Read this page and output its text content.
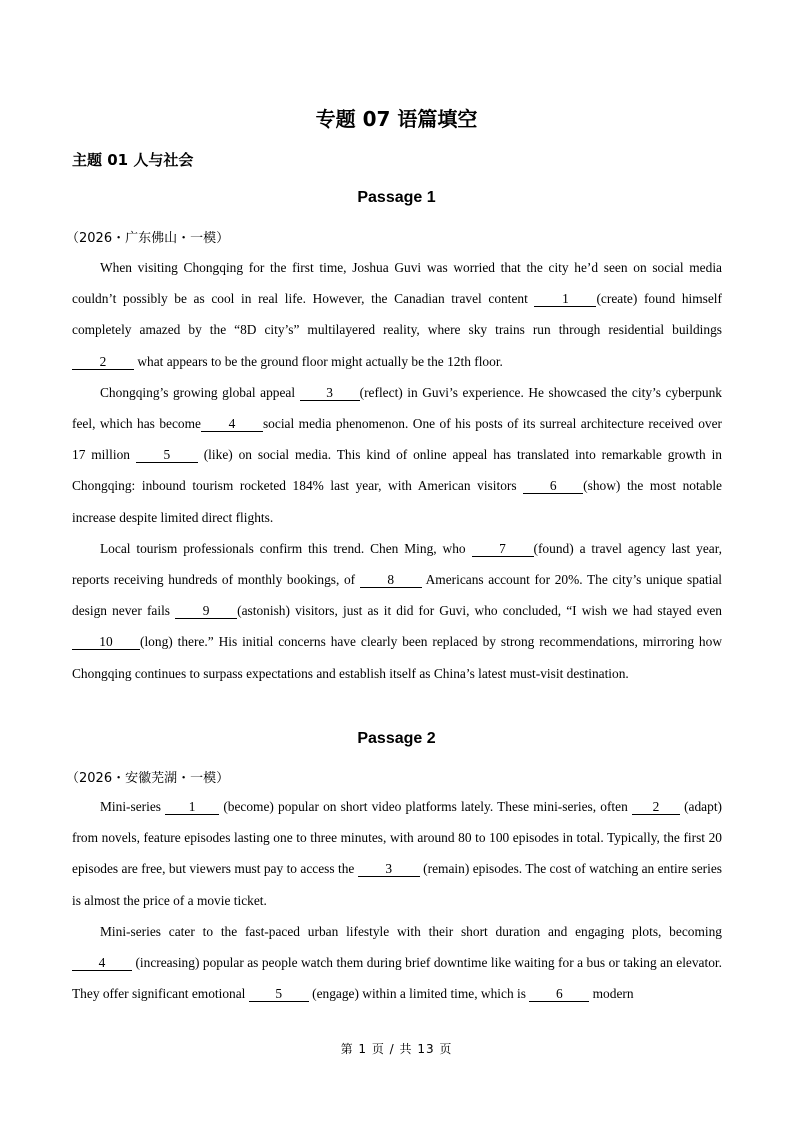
专题 07 语篇填空
主题 01 人与社会
Passage 1
（2026・广东佛山・一模）

When visiting Chongqing for the first time, Joshua Guvi was worried that the city he’d seen on social media couldn’t possibly be as cool in real life. However, the Canadian travel content 1 (create) found himself completely amazed by the “8D city’s” multilayered reality, where sky trains run through residential buildings 2 what appears to be the ground floor might actually be the 12th floor.

Chongqing’s growing global appeal 3 (reflect) in Guvi’s experience. He showcased the city’s cyberpunk feel, which has become 4 social media phenomenon. One of his posts of its surreal architecture received over 17 million 5 (like) on social media. This kind of online appeal has translated into remarkable growth in Chongqing: inbound tourism rocketed 184% last year, with American visitors 6 (show) the most notable increase despite limited direct flights.

Local tourism professionals confirm this trend. Chen Ming, who 7 (found) a travel agency last year, reports receiving hundreds of monthly bookings, of 8 Americans account for 20%. The city’s unique spatial design never fails 9 (astonish) visitors, just as it did for Guvi, who concluded, “I wish we had stayed even 10 (long) there.” His initial concerns have clearly been replaced by strong recommendations, mirroring how Chongqing continues to surpass expectations and establish itself as China’s latest must-visit destination.

Passage 2
（2026・安徽芜湖・一模）

Mini-series 1 (become) popular on short video platforms lately. These mini-series, often 2 (adapt) from novels, feature episodes lasting one to three minutes, with around 80 to 100 episodes in total. Typically, the first 20 episodes are free, but viewers must pay to access the 3 (remain) episodes. The cost of watching an entire series is almost the price of a movie ticket.

Mini-series cater to the fast-paced urban lifestyle with their short duration and engaging plots, becoming 4 (increasing) popular as people watch them during brief downtime like waiting for a bus or taking an elevator. They offer significant emotional 5 (engage) within a limited time, which is 6 modern

第 1 页 / 共 13 页
